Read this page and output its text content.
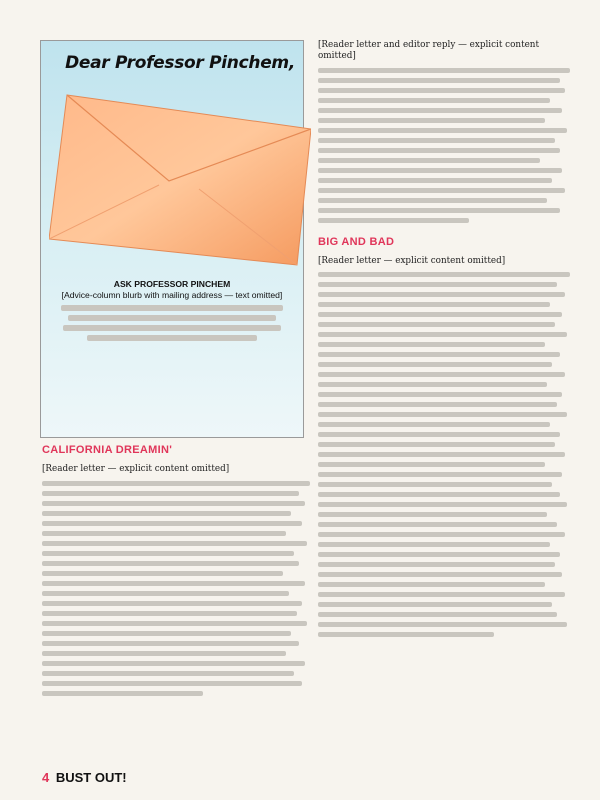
Dear Professor Pinchem,
ASK PROFESSOR PINCHEM
[Advice-column blurb with mailing address — text omitted]
[Reader letter and editor reply — explicit content omitted]
BIG AND BAD
[Reader letter — explicit content omitted]
CALIFORNIA DREAMIN'
[Reader letter — explicit content omitted]
4 BUST OUT!
